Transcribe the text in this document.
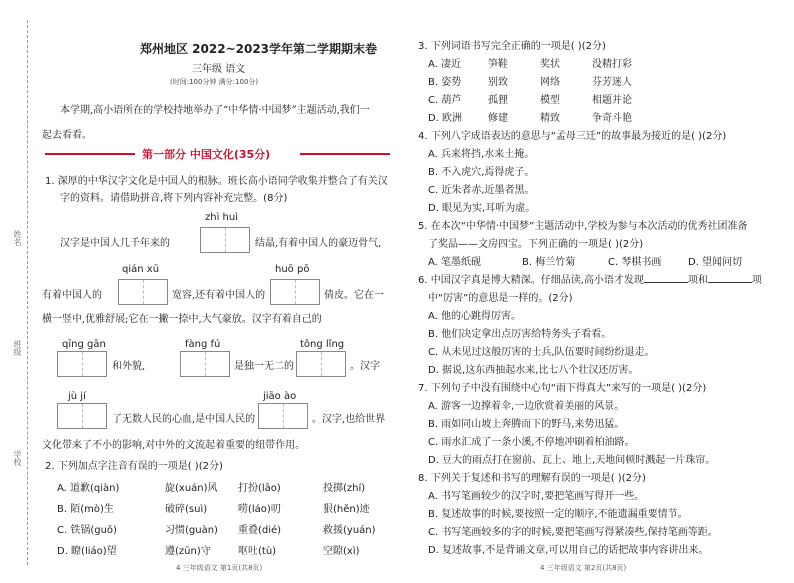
姓名
班级
学校
郑州地区 2022~2023学年第二学期期末卷
三年级 语文
(时间:100分钟 满分:100分)
本学期,高小语所在的学校持地举办了“中华情·中国梦”主题活动,我们一
起去看看。
第一部分 中国文化(35分)
1. 深厚的中华汉字文化是中国人的根脉。班长高小语同学收集并整合了有关汉
字的资料。请借助拼音,将下列内容补充完整。(8分)
zhì huì
汉字是中国人几千年来的	结晶,有着中国人的豪迈骨气,
qián xū	huō pō
有着中国人的	宽容,还有着中国人的	倩皮。它在一
横一竖中,优雅舒展;它在一撇一捺中,大气豪放。汉字有着自己的
qīng gān	fàng fú	tǒng lǐng
和外貌,	是独一无二的	。汉字
jù jí	jiāo ào
了无数人民的心血,是中国人民的	。汉字,也给世界
文化带来了不小的影响,对中外的文流起着重要的纽带作用。
2. 下列加点字注音有误的一项是( )(2分)
A. 道歉(qiàn)	旋(xuán)风 打扮(lāo)	投掷(zhí)
B. 陌(mò)生	破碎(suì)	唠(láo)叨	狠(hěn)迹
C. 铁锅(guō)	习惯(guàn) 重叠(dié)	救援(yuán)
D. 瞭(liáo)望	遵(zūn)守	呕吐(tù)	空隙(xì)
4 三年级语文 第1页(共8页)
3. 下列词语书写完全正确的一项是( )(2分)
A. 凄近	笋鞋	奖状	没精打彩
B. 姿势	别致	网络	芬芳迷人
C. 葫芦	孤狸	模型	相题并论
D. 欧洲	修建	精致	争奇斗艳
4. 下列八字成语表达的意思与“孟母三迁”的故事最为接近的是( )(2分)
A. 兵来将挡,水来土掩。
B. 不入虎穴,焉得虎子。
C. 近朱者赤,近墨者黑。
D. 眼见为实,耳听为虚。
5. 在本次“中华情·中国梦”主题活动中,学校为参与本次活动的优秀社团准备
了奖品——文房四宝。下列正确的一项是( )(2分)
A. 笔墨纸砚	B. 梅兰竹菊	C. 琴棋书画	D. 望闻问切
6. 中国汉字真是博大精深。仔细品读,高小语才发现	项和	项
中“厉害”的意思是一样的。(2分)
A. 他的心跳得厉害。
B. 他们决定拿出点厉害给特务头子看看。
C. 从未见过这般厉害的士兵,队伍要时间纷纷退走。
D. 据说,这东西抽起水来,比七八个壮汉还厉害。
7. 下列句子中没有围绕中心句“雨下得真大”来写的一项是( )(2分)
A. 游客一边撑着伞,一边欣赏着美丽的风景。
B. 雨如同山坡上奔腾而下的野马,来势迅猛。
C. 雨水汇成了一条小溪,不停地冲刷着柏油路。
D. 豆大的雨点打在窗前、瓦上、地上,天地间顿时溅起一片珠帘。
8. 下列关于复述和书写的理解有误的一项是( )(2分)
A. 书写笔画较少的汉字时,要把笔画写得开一些。
B. 复述故事的时候,要按照一定的顺序,不能遗漏重要情节。
C. 书写笔画较多的字的时候,要把笔画写得紧凑些,保持笔画等距。
D. 复述故事,不是背诵文章,可以用自己的话把故事内容讲出来。
4 三年级语文 第2页(共8页)
